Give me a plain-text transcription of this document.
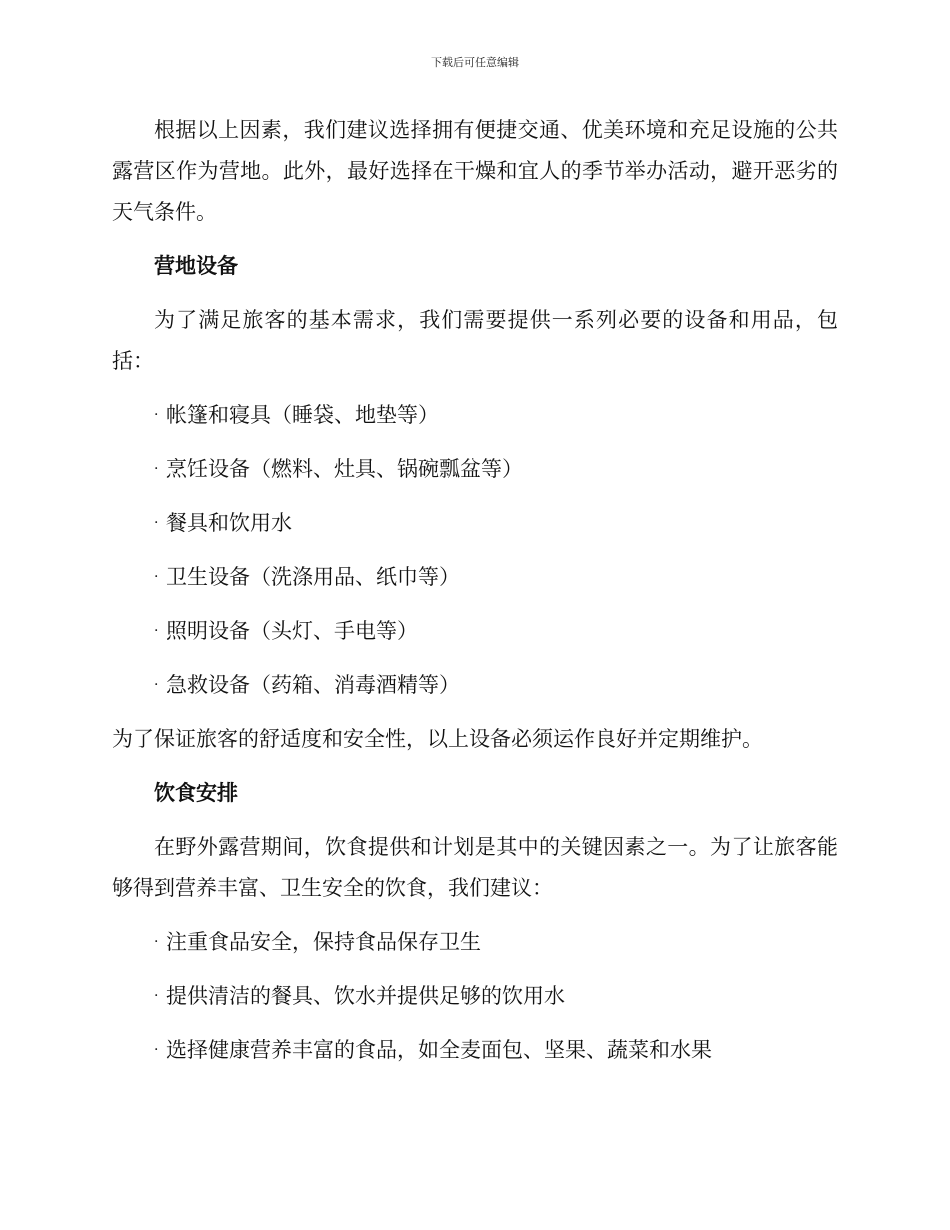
下载后可任意编辑

根据以上因素，我们建议选择拥有便捷交通、优美环境和充足设施的公共露营区作为营地。此外，最好选择在干燥和宜人的季节举办活动，避开恶劣的天气条件。

营地设备

为了满足旅客的基本需求，我们需要提供一系列必要的设备和用品，包括：

· 帐篷和寝具（睡袋、地垫等）
· 烹饪设备（燃料、灶具、锅碗瓢盆等）
· 餐具和饮用水
· 卫生设备（洗涤用品、纸巾等）
· 照明设备（头灯、手电等）
· 急救设备（药箱、消毒酒精等）

为了保证旅客的舒适度和安全性，以上设备必须运作良好并定期维护。

饮食安排

在野外露营期间，饮食提供和计划是其中的关键因素之一。为了让旅客能够得到营养丰富、卫生安全的饮食，我们建议：

· 注重食品安全，保持食品保存卫生
· 提供清洁的餐具、饮水并提供足够的饮用水
· 选择健康营养丰富的食品，如全麦面包、坚果、蔬菜和水果
